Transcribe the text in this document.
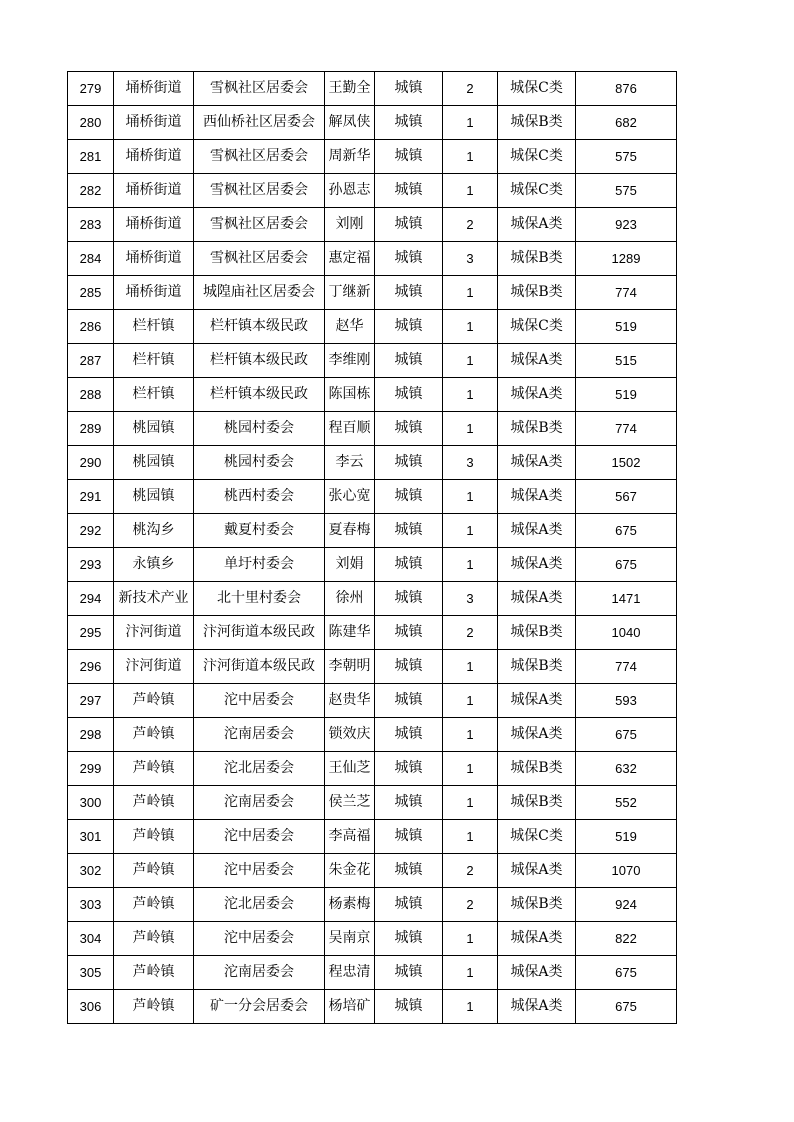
279	埇桥街道	雪枫社区居委会	王勤全	城镇	2	城保C类	876
280	埇桥街道	西仙桥社区居委会	解凤侠	城镇	1	城保B类	682
281	埇桥街道	雪枫社区居委会	周新华	城镇	1	城保C类	575
282	埇桥街道	雪枫社区居委会	孙恩志	城镇	1	城保C类	575
283	埇桥街道	雪枫社区居委会	刘刚	城镇	2	城保A类	923
284	埇桥街道	雪枫社区居委会	惠定福	城镇	3	城保B类	1289
285	埇桥街道	城隍庙社区居委会	丁继新	城镇	1	城保B类	774
286	栏杆镇	栏杆镇本级民政	赵华	城镇	1	城保C类	519
287	栏杆镇	栏杆镇本级民政	李维刚	城镇	1	城保A类	515
288	栏杆镇	栏杆镇本级民政	陈国栋	城镇	1	城保A类	519
289	桃园镇	桃园村委会	程百顺	城镇	1	城保B类	774
290	桃园镇	桃园村委会	李云	城镇	3	城保A类	1502
291	桃园镇	桃西村委会	张心宽	城镇	1	城保A类	567
292	桃沟乡	戴夏村委会	夏春梅	城镇	1	城保A类	675
293	永镇乡	单圩村委会	刘娟	城镇	1	城保A类	675
294	新技术产业	北十里村委会	徐州	城镇	3	城保A类	1471
295	汴河街道	汴河街道本级民政	陈建华	城镇	2	城保B类	1040
296	汴河街道	汴河街道本级民政	李朝明	城镇	1	城保B类	774
297	芦岭镇	沱中居委会	赵贵华	城镇	1	城保A类	593
298	芦岭镇	沱南居委会	锁效庆	城镇	1	城保A类	675
299	芦岭镇	沱北居委会	王仙芝	城镇	1	城保B类	632
300	芦岭镇	沱南居委会	侯兰芝	城镇	1	城保B类	552
301	芦岭镇	沱中居委会	李高福	城镇	1	城保C类	519
302	芦岭镇	沱中居委会	朱金花	城镇	2	城保A类	1070
303	芦岭镇	沱北居委会	杨素梅	城镇	2	城保B类	924
304	芦岭镇	沱中居委会	吴南京	城镇	1	城保A类	822
305	芦岭镇	沱南居委会	程忠清	城镇	1	城保A类	675
306	芦岭镇	矿一分会居委会	杨培矿	城镇	1	城保A类	675
